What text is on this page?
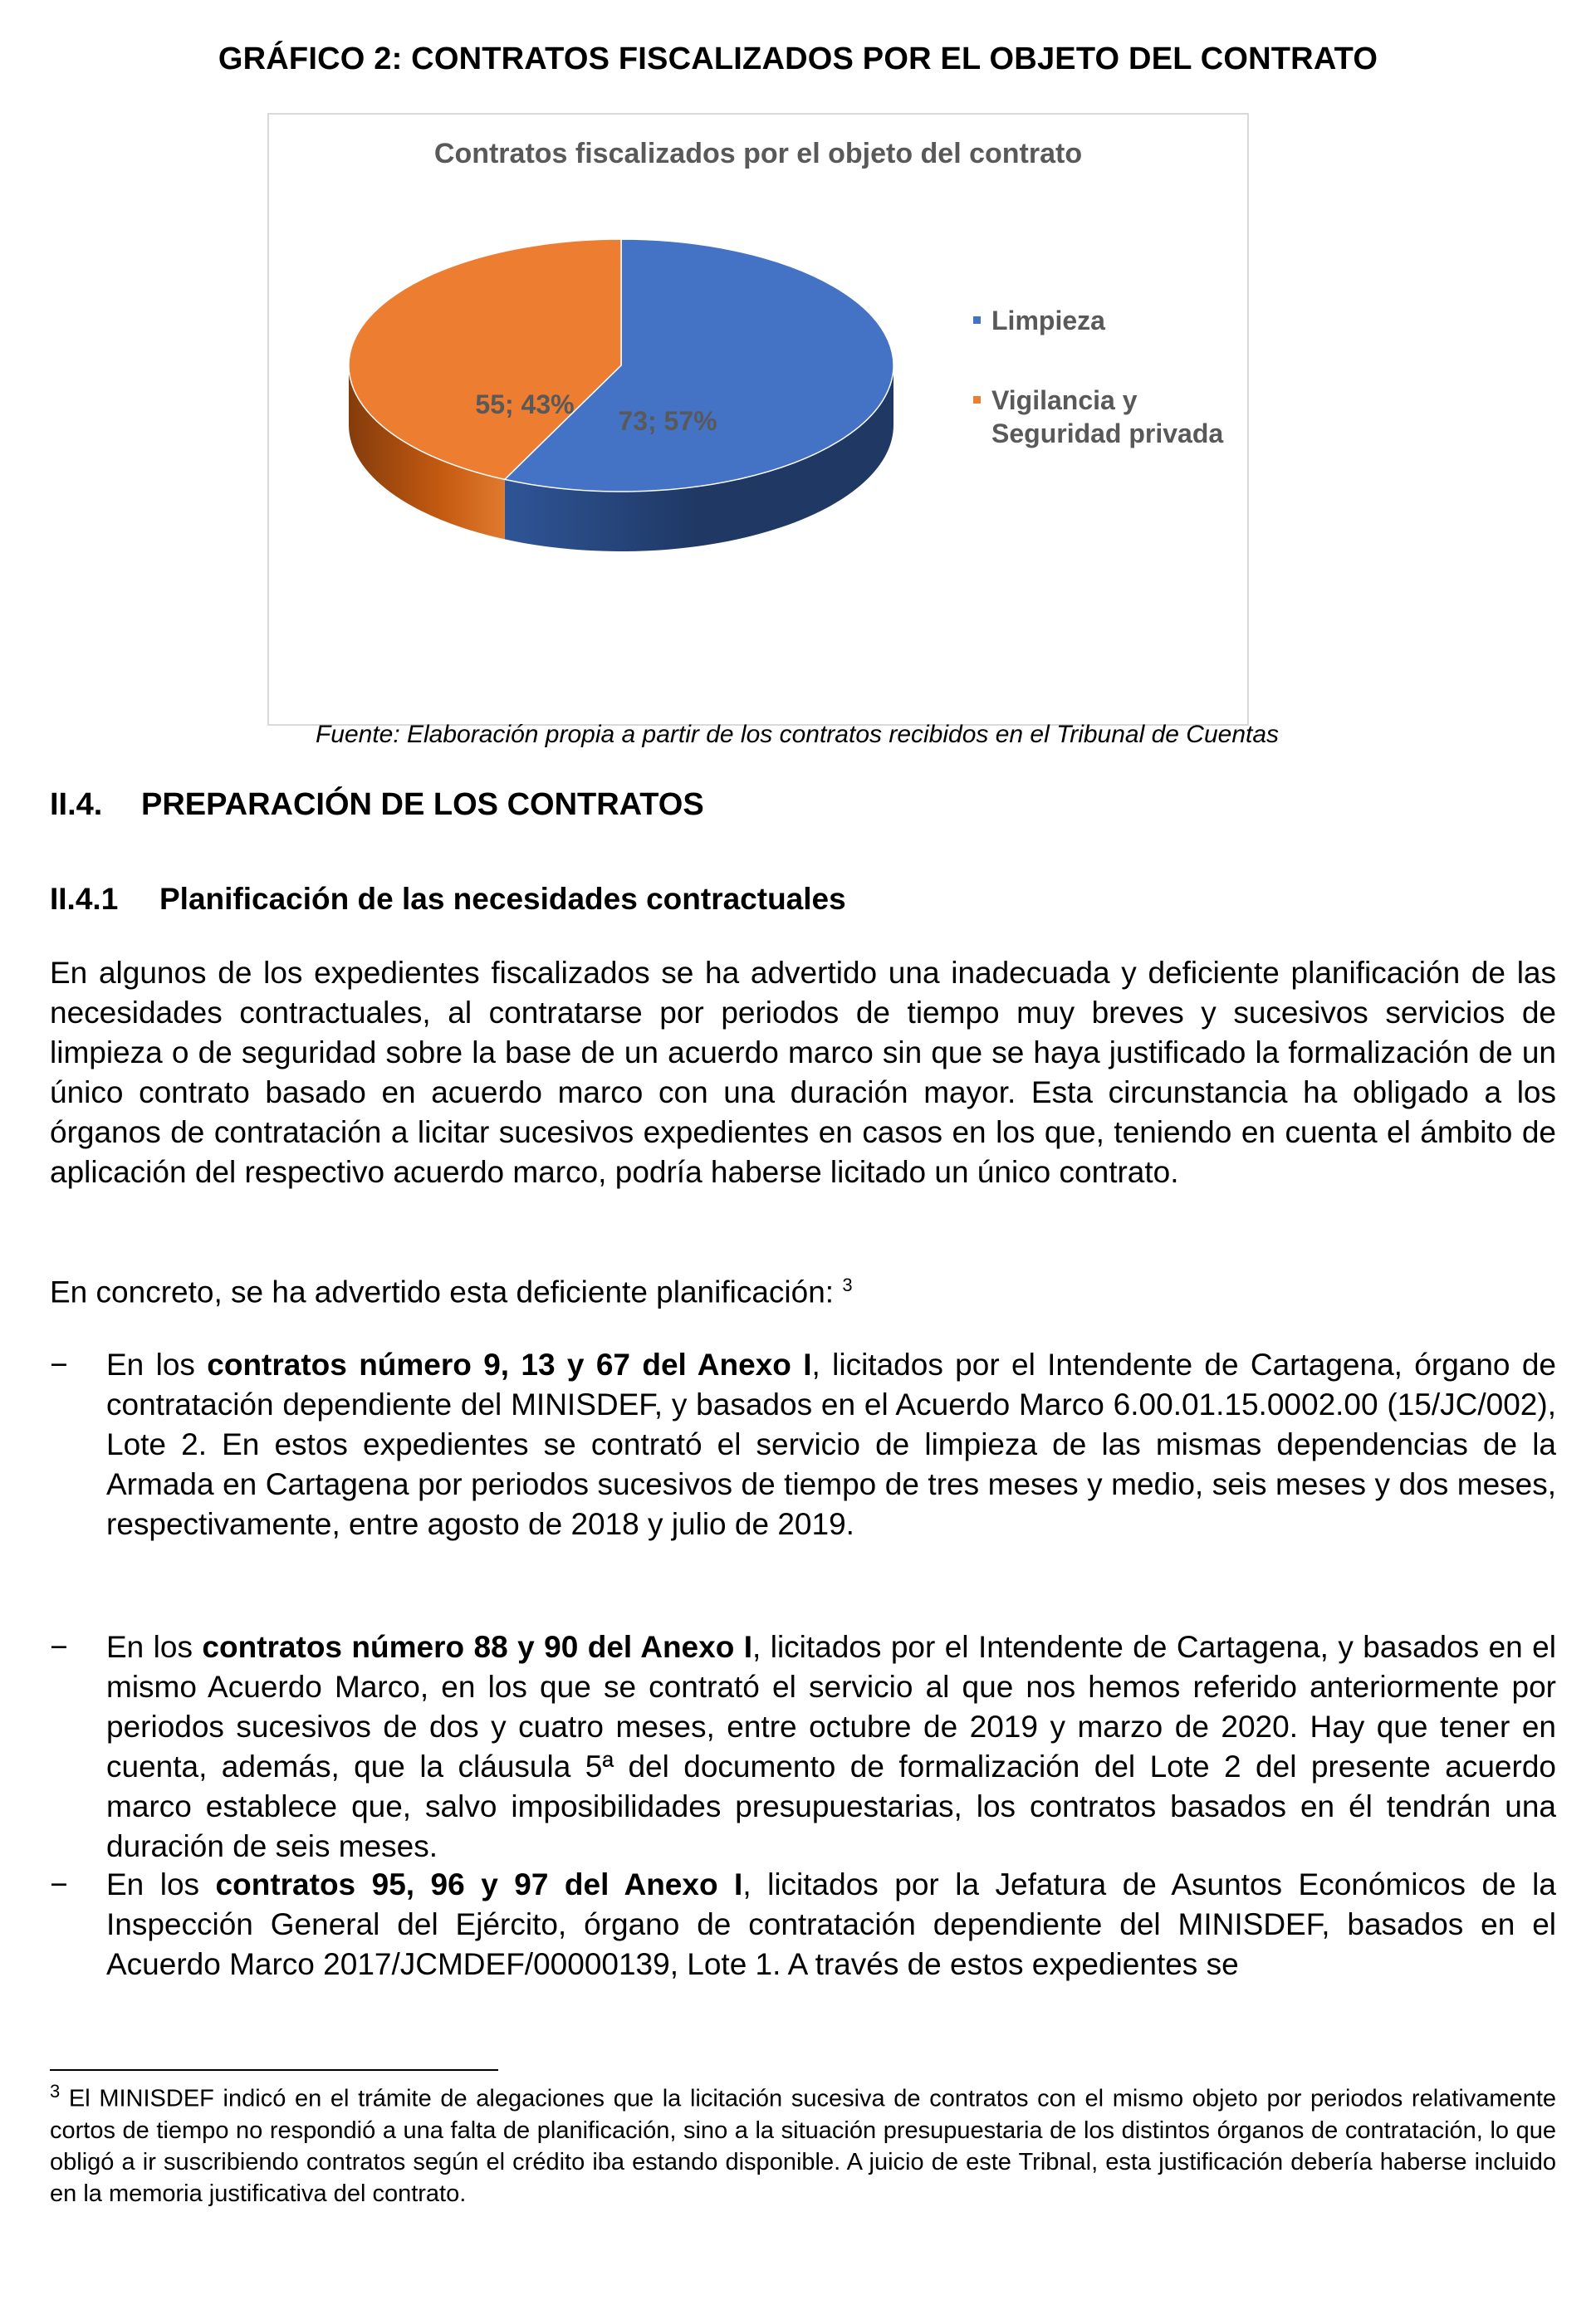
GRÁFICO 2: CONTRATOS FISCALIZADOS POR EL OBJETO DEL CONTRATO
Contratos fiscalizados por el objeto del contrato
73; 57%
55; 43%
Limpieza
Vigilancia y
Seguridad privada
Fuente: Elaboración propia a partir de los contratos recibidos en el Tribunal de Cuentas
II.4. PREPARACIÓN DE LOS CONTRATOS
II.4.1 Planificación de las necesidades contractuales

En algunos de los expedientes fiscalizados se ha advertido una inadecuada y deficiente planificación de las necesidades contractuales, al contratarse por periodos de tiempo muy breves y sucesivos servicios de limpieza o de seguridad sobre la base de un acuerdo marco sin que se haya justificado la formalización de un único contrato basado en acuerdo marco con una duración mayor. Esta circunstancia ha obligado a los órganos de contratación a licitar sucesivos expedientes en casos en los que, teniendo en cuenta el ámbito de aplicación del respectivo acuerdo marco, podría haberse licitado un único contrato.

En concreto, se ha advertido esta deficiente planificación: $^3$

− En los contratos número 9, 13 y 67 del Anexo I, licitados por el Intendente de Cartagena, órgano de contratación dependiente del MINISDEF, y basados en el Acuerdo Marco 6.00.01.15.0002.00 (15/JC/002), Lote 2. En estos expedientes se contrató el servicio de limpieza de las mismas dependencias de la Armada en Cartagena por periodos sucesivos de tiempo de tres meses y medio, seis meses y dos meses, respectivamente, entre agosto de 2018 y julio de 2019.
− En los contratos número 88 y 90 del Anexo I, licitados por el Intendente de Cartagena, y basados en el mismo Acuerdo Marco, en los que se contrató el servicio al que nos hemos referido anteriormente por periodos sucesivos de dos y cuatro meses, entre octubre de 2019 y marzo de 2020. Hay que tener en cuenta, además, que la cláusula 5ª del documento de formalización del Lote 2 del presente acuerdo marco establece que, salvo imposibilidades presupuestarias, los contratos basados en él tendrán una duración de seis meses.
− En los contratos 95, 96 y 97 del Anexo I, licitados por la Jefatura de Asuntos Económicos de la Inspección General del Ejército, órgano de contratación dependiente del MINISDEF, basados en el Acuerdo Marco 2017/JCMDEF/00000139, Lote 1. A través de estos expedientes se

$^3$ El MINISDEF indicó en el trámite de alegaciones que la licitación sucesiva de contratos con el mismo objeto por periodos relativamente cortos de tiempo no respondió a una falta de planificación, sino a la situación presupuestaria de los distintos órganos de contratación, lo que obligó a ir suscribiendo contratos según el crédito iba estando disponible. A juicio de este Tribnal, esta justificación debería haberse incluido en la memoria justificativa del contrato.
